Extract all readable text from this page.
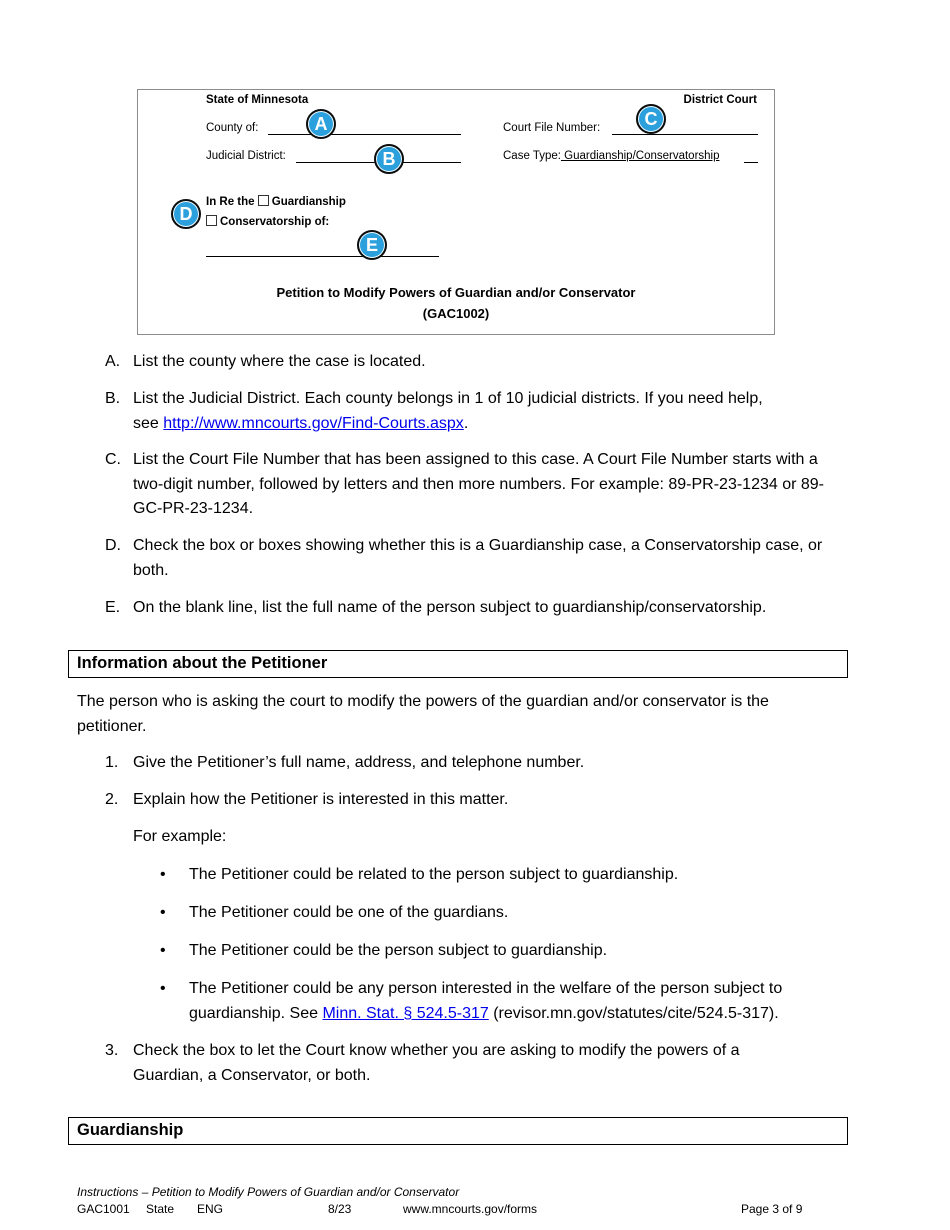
State of Minnesota	District Court
County of:
Judicial District:
Court File Number:
Case Type: Guardianship/Conservatorship
In Re the Guardianship
Conservatorship of:
Petition to Modify Powers of Guardian and/or Conservator
(GAC1002)
A
B
C
D
E
A. List the county where the case is located.
B. List the Judicial District. Each county belongs in 1 of 10 judicial districts. If you need help,
see http://www.mncourts.gov/Find-Courts.aspx.
C. List the Court File Number that has been assigned to this case. A Court File Number starts with a two-digit number, followed by letters and then more numbers. For example: 89-PR-23-1234 or 89-GC-PR-23-1234.
D. Check the box or boxes showing whether this is a Guardianship case, a Conservatorship case, or both.
E. On the blank line, list the full name of the person subject to guardianship/conservatorship.
Information about the Petitioner
The person who is asking the court to modify the powers of the guardian and/or conservator is the petitioner.
1. Give the Petitioner’s full name, address, and telephone number.
2. Explain how the Petitioner is interested in this matter.
For example:
• The Petitioner could be related to the person subject to guardianship.
• The Petitioner could be one of the guardians.
• The Petitioner could be the person subject to guardianship.
• The Petitioner could be any person interested in the welfare of the person subject to guardianship. See Minn. Stat. § 524.5-317 (revisor.mn.gov/statutes/cite/524.5-317).
3. Check the box to let the Court know whether you are asking to modify the powers of a Guardian, a Conservator, or both.
Guardianship
Instructions – Petition to Modify Powers of Guardian and/or Conservator
GAC1001 State ENG	8/23	www.mncourts.gov/forms	Page 3 of 9
